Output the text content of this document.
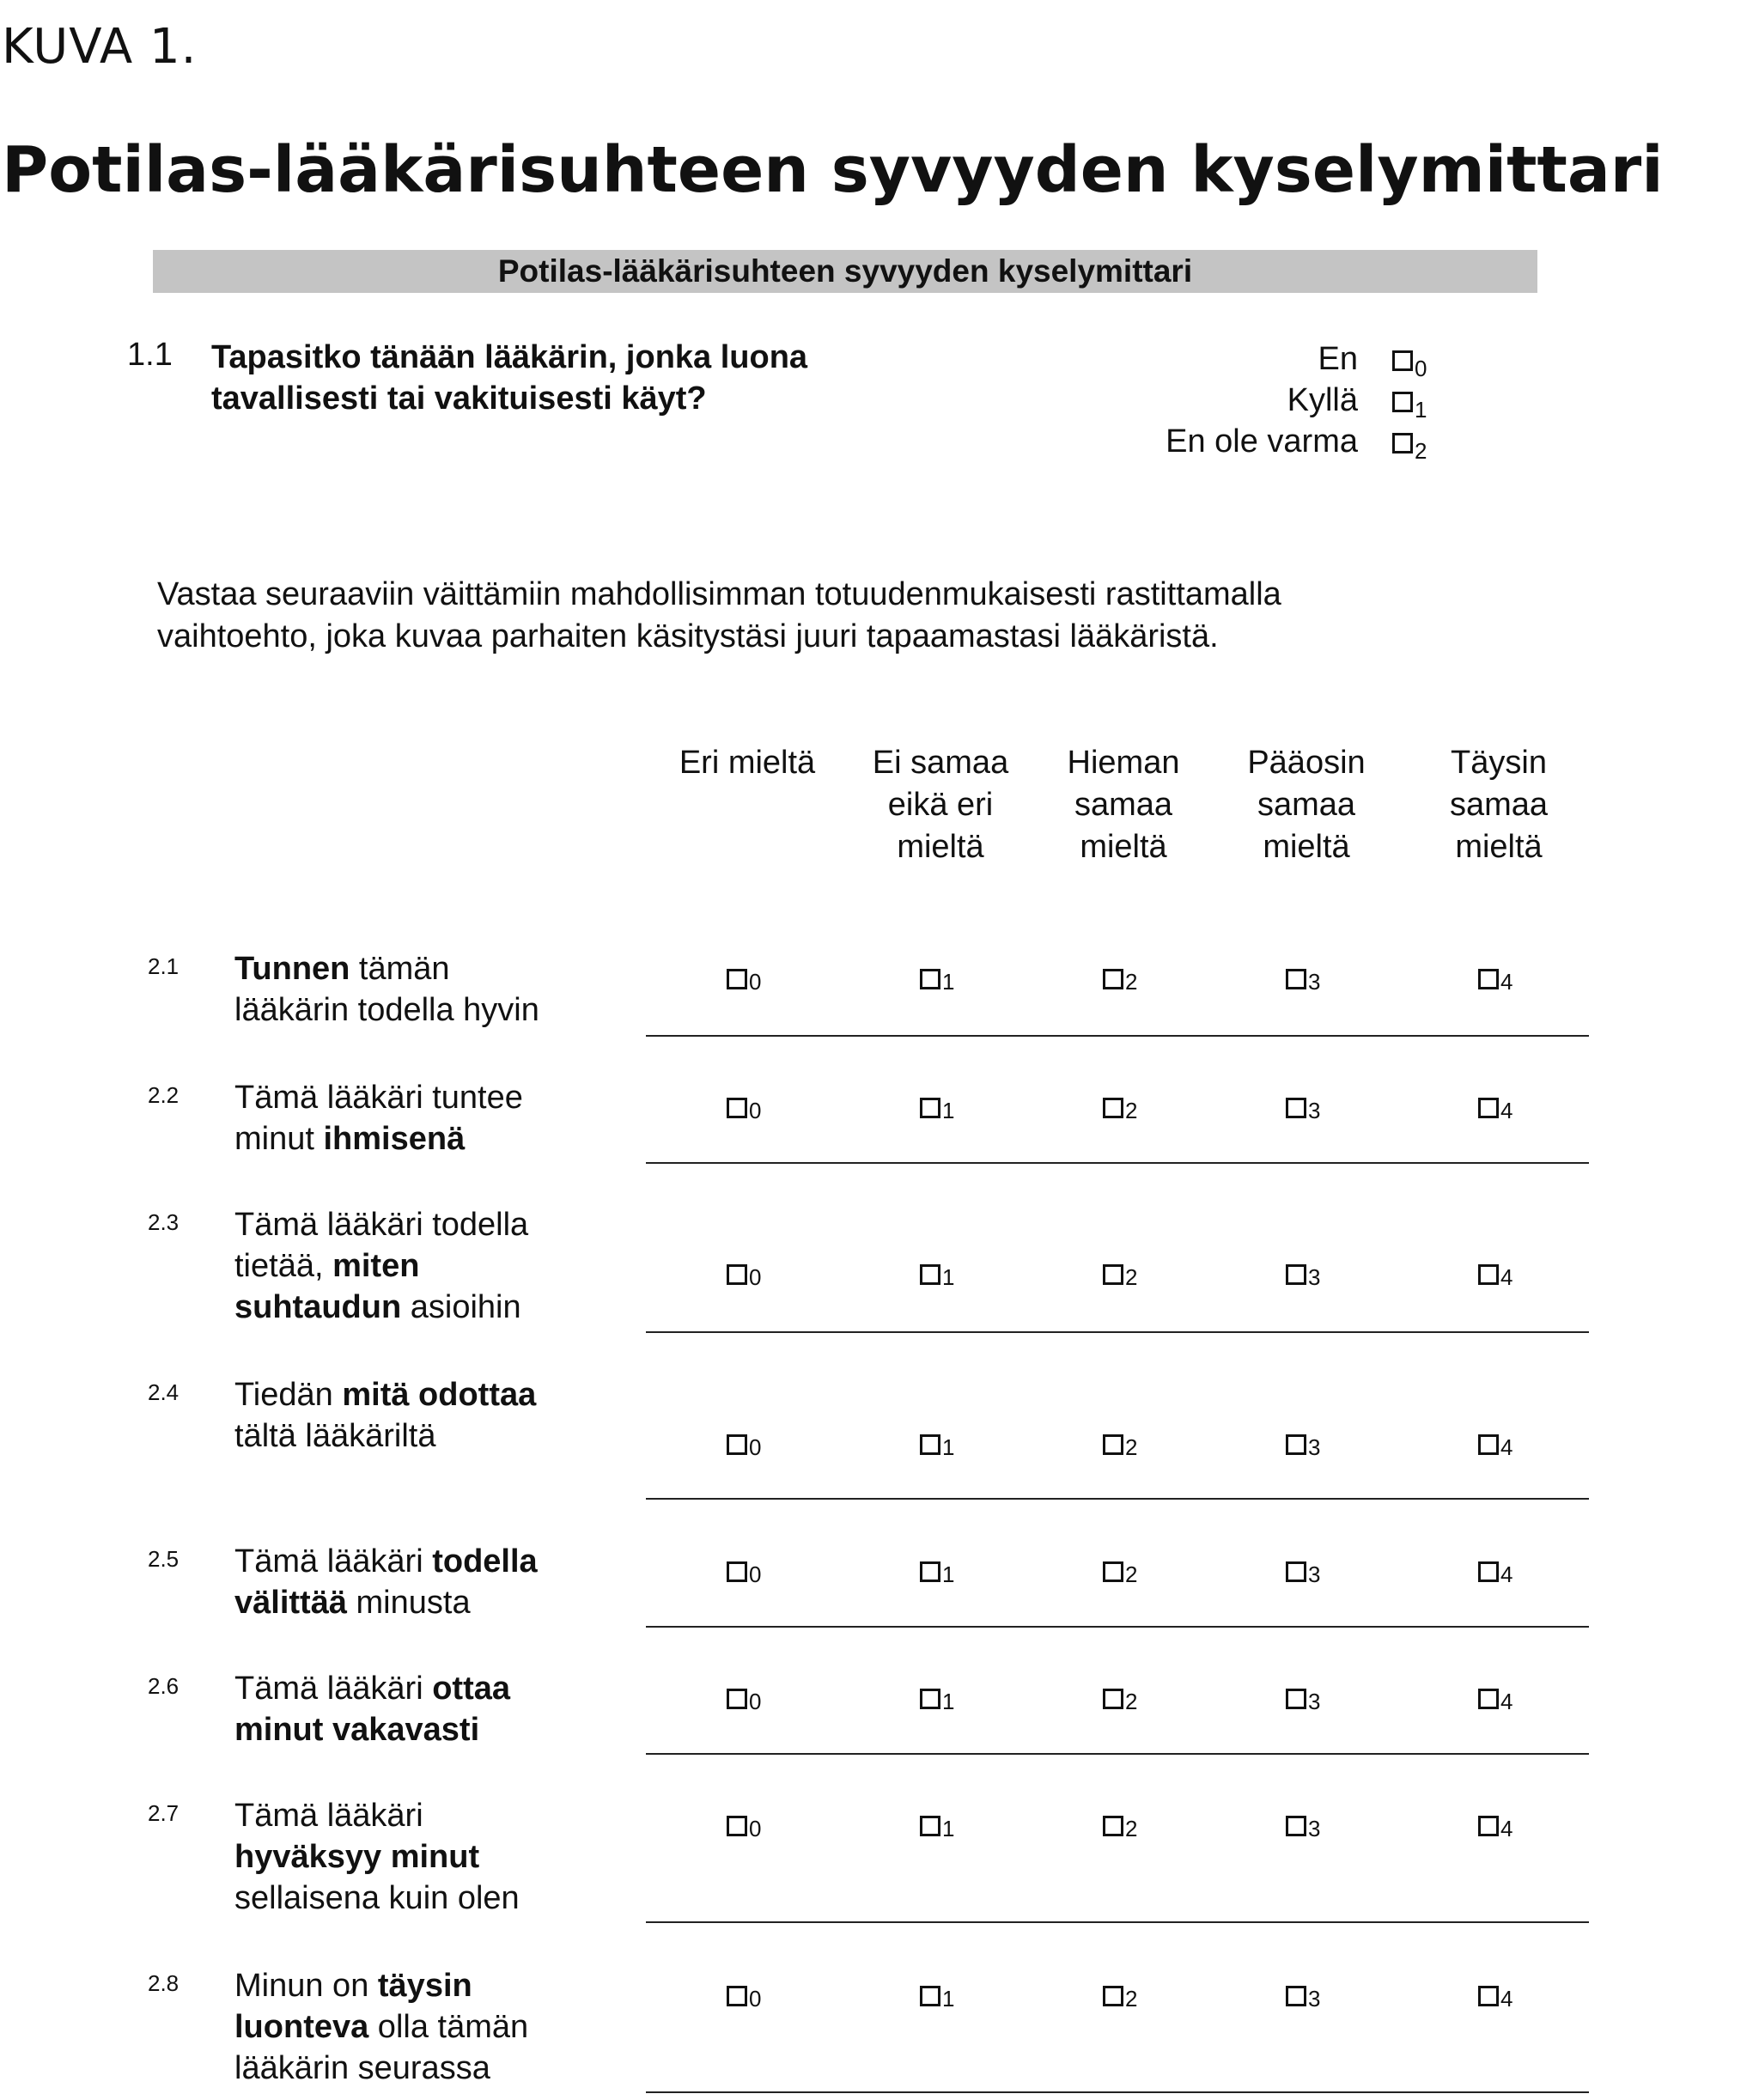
KUVA 1.
Potilas-lääkärisuhteen syvyyden kyselymittari
Potilas-lääkärisuhteen syvyyden kyselymittari
1.1 Tapasitko tänään lääkärin, jonka luona
tavallisesti tai vakituisesti käyt?
En	$_0$
Kyllä	$_1$
En ole varma	$_2$
Vastaa seuraaviin väittämiin mahdollisimman totuudenmukaisesti rastittamalla
vaihtoehto, joka kuvaa parhaiten käsitystäsi juuri tapaamastasi lääkäristä.
Eri mieltä	Ei samaa
eikä eri
mieltä
Hieman
samaa
mieltä
Pääosin
samaa
mieltä
Täysin
samaa
mieltä
2.1 Tunnen tämän
lääkärin todella hyvin
0	1	2	3	4
2.2 Tämä lääkäri tuntee
minut ihmisenä
0	1	2	3	4
2.3 Tämä lääkäri todella
tietää, miten
suhtaudun asioihin
0	1	2	3	4
2.4 Tiedän mitä odottaa
tältä lääkäriltä	0	1	2	3	4
2.5 Tämä lääkäri todella
välittää minusta
0	1	2	3	4
2.6 Tämä lääkäri ottaa
minut vakavasti
0	1	2	3	4
2.7 Tämä lääkäri
hyväksyy minut
sellaisena kuin olen
0	1	2	3	4
2.8 Minun on täysin
luonteva olla tämän
lääkärin seurassa
0	1	2	3	4
